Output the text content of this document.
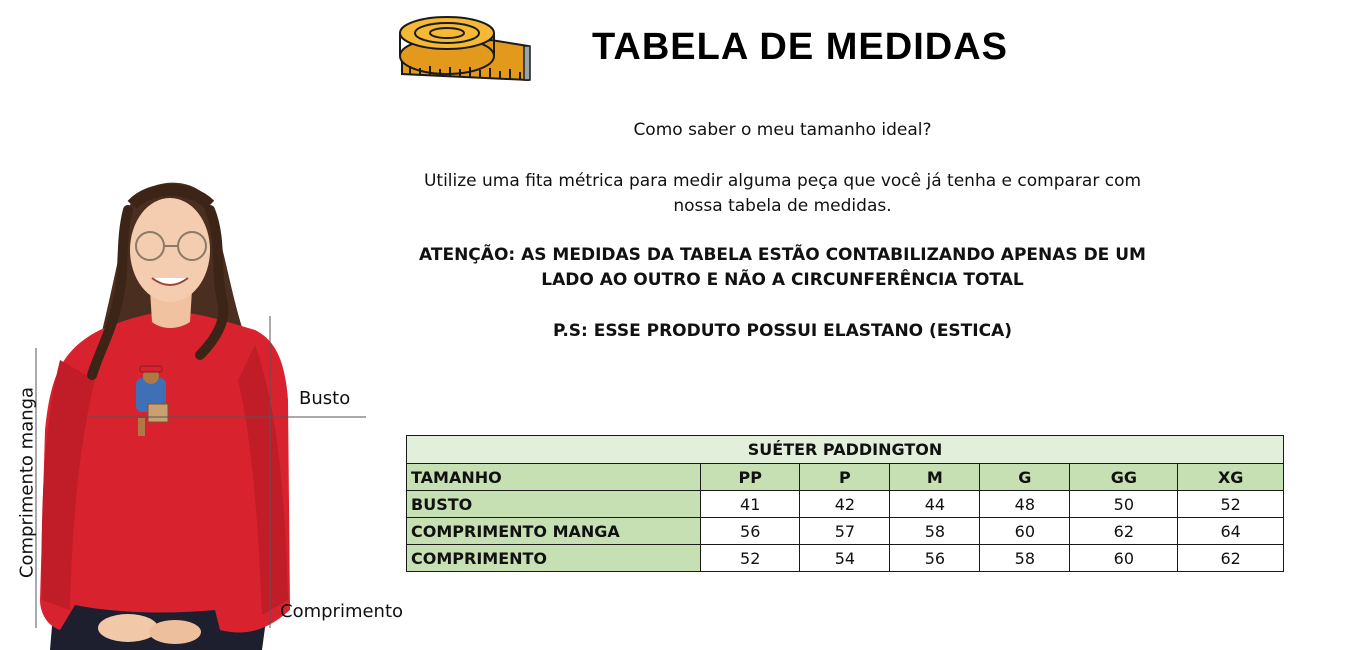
TABELA DE MEDIDAS
Como saber o meu tamanho ideal?
Utilize uma fita métrica para medir alguma peça que você já tenha e comparar com
nossa tabela de medidas.
ATENÇÃO: AS MEDIDAS DA TABELA ESTÃO CONTABILIZANDO APENAS DE UM
LADO AO OUTRO E NÃO A CIRCUNFERÊNCIA TOTAL
P.S: ESSE PRODUTO POSSUI ELASTANO (ESTICA)
Busto
Comprimento
Comprimento manga	SUÉTER PADDINGTON						
TAMANHO	PP	P	M	G	GG	XG
BUSTO	41	42	44	48	50	52
COMPRIMENTO MANGA	56	57	58	60	62	64
COMPRIMENTO	52	54	56	58	60	62
